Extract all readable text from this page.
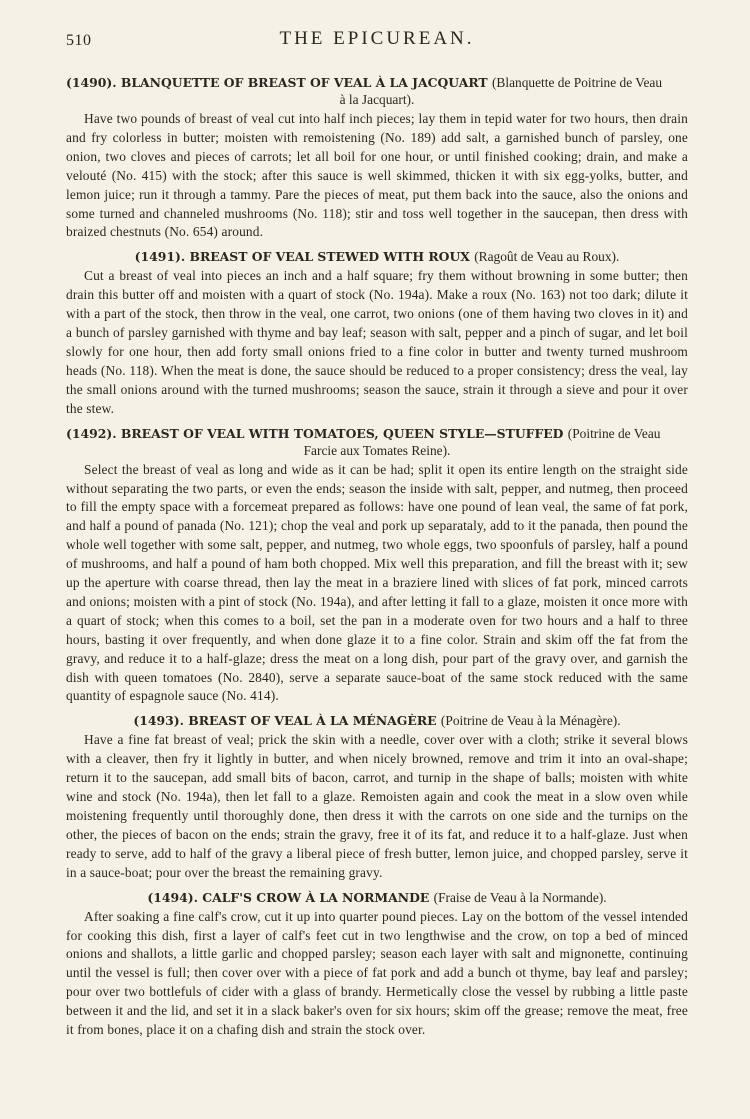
510	THE EPICUREAN.
(1490). BLANQUETTE OF BREAST OF VEAL À LA JACQUART (Blanquette de Poitrine de Veau
à la Jacquart).

Have two pounds of breast of veal cut into half inch pieces; lay them in tepid water for two hours, then drain and fry colorless in butter; moisten with remoistening (No. 189) add salt, a garnished bunch of parsley, one onion, two cloves and pieces of carrots; let all boil for one hour, or until finished cooking; drain, and make a velouté (No. 415) with the stock; after this sauce is well skimmed, thicken it with six egg-yolks, butter, and lemon juice; run it through a tammy. Pare the pieces of meat, put them back into the sauce, also the onions and some turned and channeled mushrooms (No. 118); stir and toss well together in the saucepan, then dress with braized chestnuts (No. 654) around.

(1491). BREAST OF VEAL STEWED WITH ROUX (Ragoût de Veau au Roux).

Cut a breast of veal into pieces an inch and a half square; fry them without browning in some butter; then drain this butter off and moisten with a quart of stock (No. 194a). Make a roux (No. 163) not too dark; dilute it with a part of the stock, then throw in the veal, one carrot, two onions (one of them having two cloves in it) and a bunch of parsley garnished with thyme and bay leaf; season with salt, pepper and a pinch of sugar, and let boil slowly for one hour, then add forty small onions fried to a fine color in butter and twenty turned mushroom heads (No. 118). When the meat is done, the sauce should be reduced to a proper consistency; dress the veal, lay the small onions around with the turned mushrooms; season the sauce, strain it through a sieve and pour it over the stew.

(1492). BREAST OF VEAL WITH TOMATOES, QUEEN STYLE—STUFFED (Poitrine de Veau
Farcie aux Tomates Reine).

Select the breast of veal as long and wide as it can be had; split it open its entire length on the straight side without separating the two parts, or even the ends; season the inside with salt, pepper, and nutmeg, then proceed to fill the empty space with a forcemeat prepared as follows: have one pound of lean veal, the same of fat pork, and half a pound of panada (No. 121); chop the veal and pork up separataly, add to it the panada, then pound the whole well together with some salt, pepper, and nutmeg, two whole eggs, two spoonfuls of parsley, half a pound of mushrooms, and half a pound of ham both chopped. Mix well this preparation, and fill the breast with it; sew up the aperture with coarse thread, then lay the meat in a braziere lined with slices of fat pork, minced carrots and onions; moisten with a pint of stock (No. 194a), and after letting it fall to a glaze, moisten it once more with a quart of stock; when this comes to a boil, set the pan in a moderate oven for two hours and a half to three hours, basting it over frequently, and when done glaze it to a fine color. Strain and skim off the fat from the gravy, and reduce it to a half-glaze; dress the meat on a long dish, pour part of the gravy over, and garnish the dish with queen tomatoes (No. 2840), serve a separate sauce-boat of the same stock reduced with the same quantity of espagnole sauce (No. 414).

(1493). BREAST OF VEAL À LA MÉNAGÈRE (Poitrine de Veau à la Ménagère).

Have a fine fat breast of veal; prick the skin with a needle, cover over with a cloth; strike it several blows with a cleaver, then fry it lightly in butter, and when nicely browned, remove and trim it into an oval-shape; return it to the saucepan, add small bits of bacon, carrot, and turnip in the shape of balls; moisten with white wine and stock (No. 194a), then let fall to a glaze. Remoisten again and cook the meat in a slow oven while moistening frequently until thoroughly done, then dress it with the carrots on one side and the turnips on the other, the pieces of bacon on the ends; strain the gravy, free it of its fat, and reduce it to a half-glaze. Just when ready to serve, add to half of the gravy a liberal piece of fresh butter, lemon juice, and chopped parsley, serve it in a sauce-boat; pour over the breast the remaining gravy.

(1494). CALF'S CROW À LA NORMANDE (Fraise de Veau à la Normande).

After soaking a fine calf's crow, cut it up into quarter pound pieces. Lay on the bottom of the vessel intended for cooking this dish, first a layer of calf's feet cut in two lengthwise and the crow, on top a bed of minced onions and shallots, a little garlic and chopped parsley; season each layer with salt and mignonette, continuing until the vessel is full; then cover over with a piece of fat pork and add a bunch ot thyme, bay leaf and parsley; pour over two bottlefuls of cider with a glass of brandy. Hermetically close the vessel by rubbing a little paste between it and the lid, and set it in a slack baker's oven for six hours; skim off the grease; remove the meat, free it from bones, place it on a chafing dish and strain the stock over.
